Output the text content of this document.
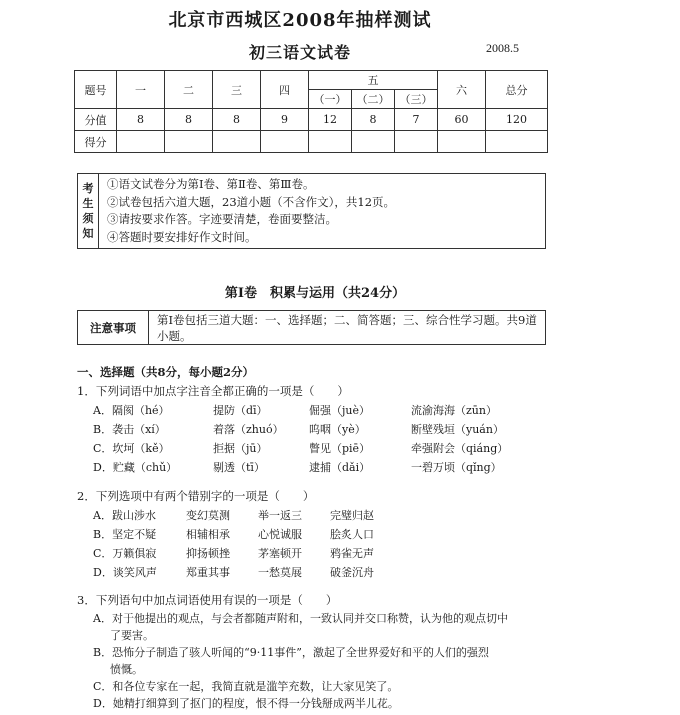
北京市西城区2008年抽样测试
初三语文试卷	2008.5
题号	一	二	三	四	五			六	总分
					（一）	（二）	（三）		
分值	8	8	8	9	12	8	7	60	120
得分									
考
生
须
知
①语文试卷分为第Ⅰ卷、第Ⅱ卷、第Ⅲ卷。
②试卷包括六道大题，23道小题（不含作文），共12页。
③请按要求作答。字迹要清楚，卷面要整洁。
④答题时要安排好作文时间。
第Ⅰ卷　积累与运用（共24分）
注意事项
第Ⅰ卷包括三道大题：一、选择题；二、简答题；三、综合性学习题。共9道小题。
一、选择题（共8分，每小题2分）
1．下列词语中加点字注音全都正确的一项是（　　）
A．隔阂（hé）	提防（dī）	倔强（juè）	流渝海海（zūn）
B．袭击（xí）	着落（zhuó） 呜咽（yè）	断壁残垣（yuán）
C．坎坷（kě）	拒据（jū）	瞥见（piē）	牵强附会（qiáng）
D．贮藏（chǔ）	剔透（tī）	逮捕（dǎi）	一碧万顷（qǐng）
2．下列选项中有两个错别字的一项是（　　）
A．跋山涉水	变幻莫测	举一返三	完璧归赵
B．坚定不疑	相辅相承	心悦诚服	脍炙人口
C．万籁俱寂	抑扬顿挫	茅塞顿开	鸦雀无声
D．谈笑风声	郑重其事	一愁莫展	破釜沉舟
3．下列语句中加点词语使用有误的一项是（　　）

A．对于他提出的观点，与会者都随声附和，一致认同并交口称赞，认为他的观点切中

了要害。

B．恐怖分子制造了骇人听闻的“9·11事件”，激起了全世界爱好和平的人们的强烈

愤慨。

C．和各位专家在一起，我简直就是滥竽充数，让大家见笑了。

D．她精打细算到了抠门的程度，恨不得一分钱掰成两半儿花。
